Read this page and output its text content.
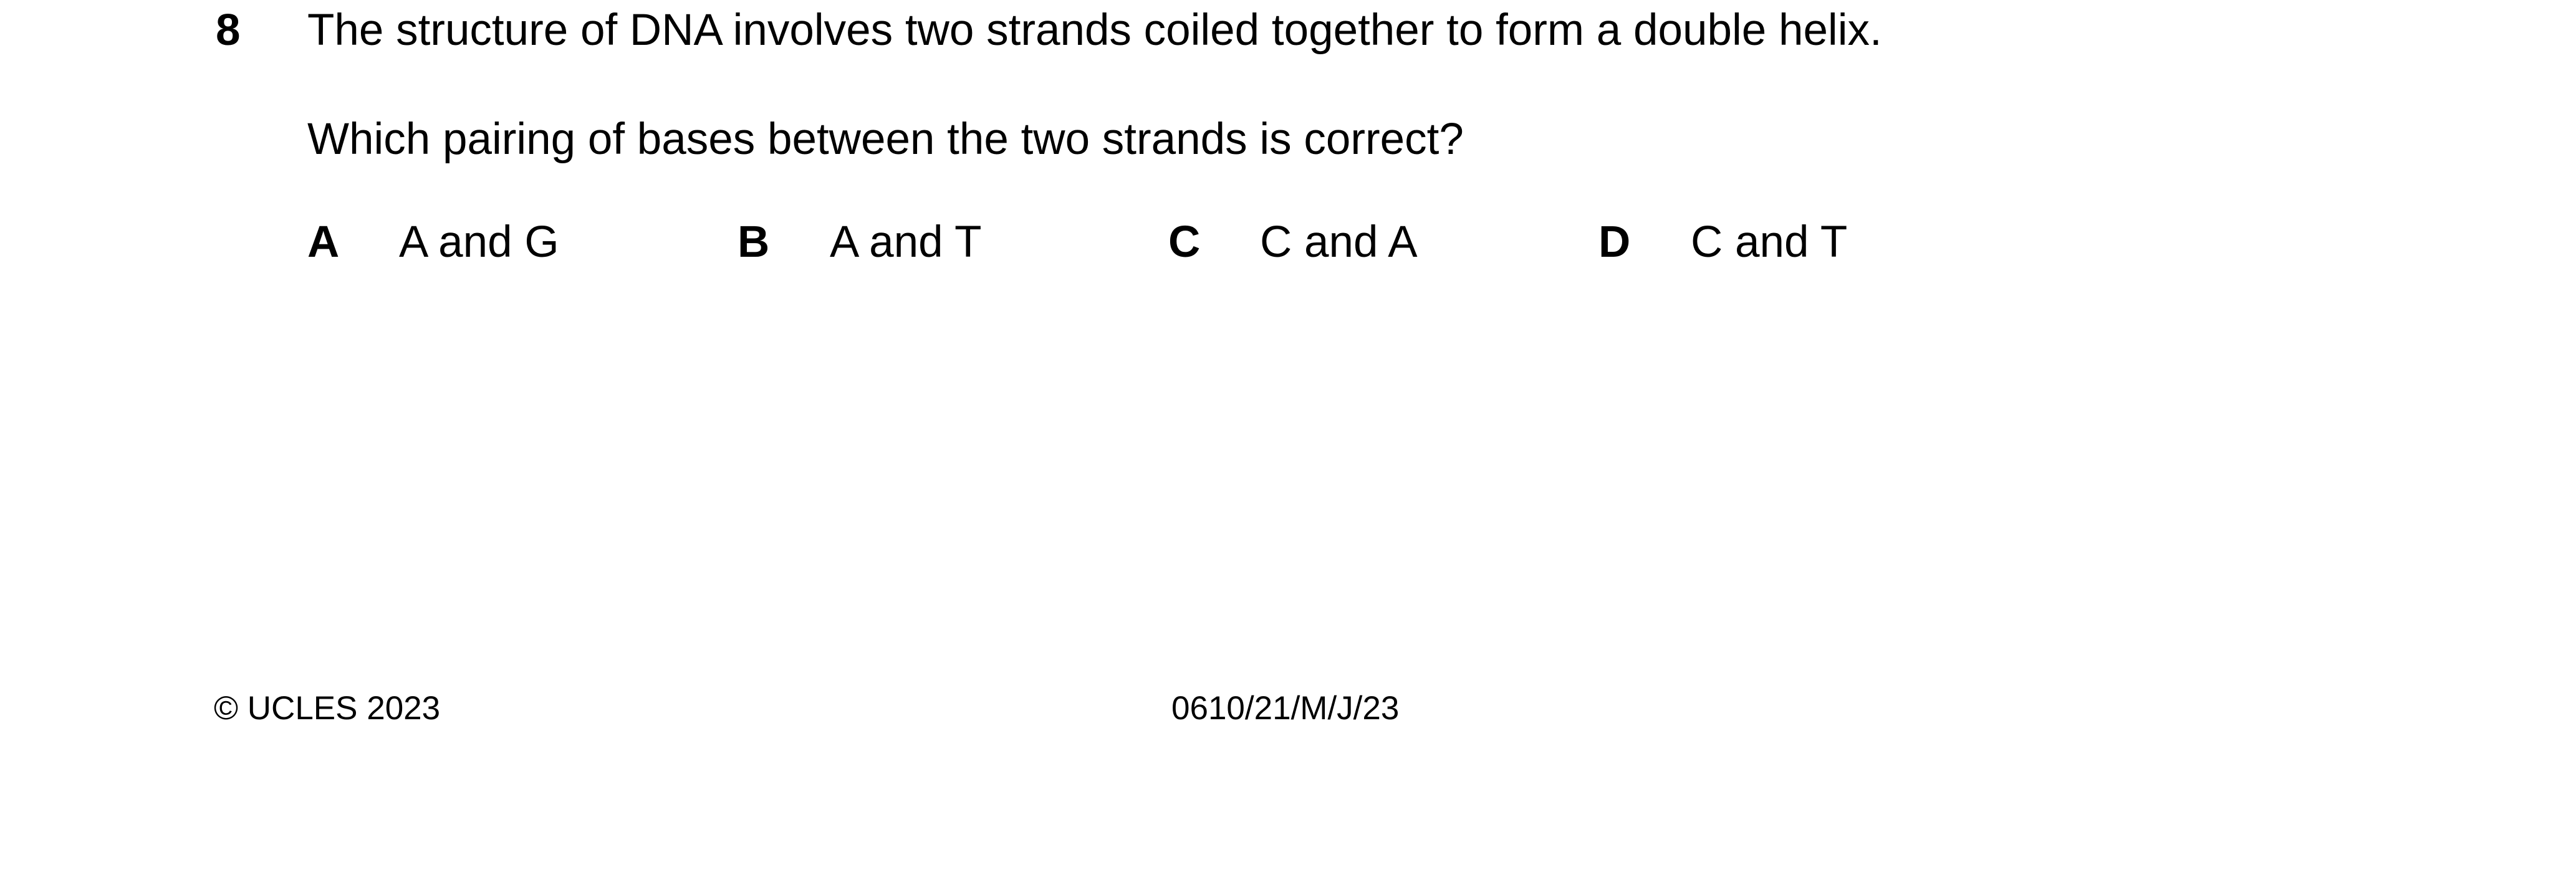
8 The structure of DNA involves two strands coiled together to form a double helix.
Which pairing of bases between the two strands is correct?
A A and G	B A and T	C C and A	D C and T
© UCLES 2023	0610/21/M/J/23
